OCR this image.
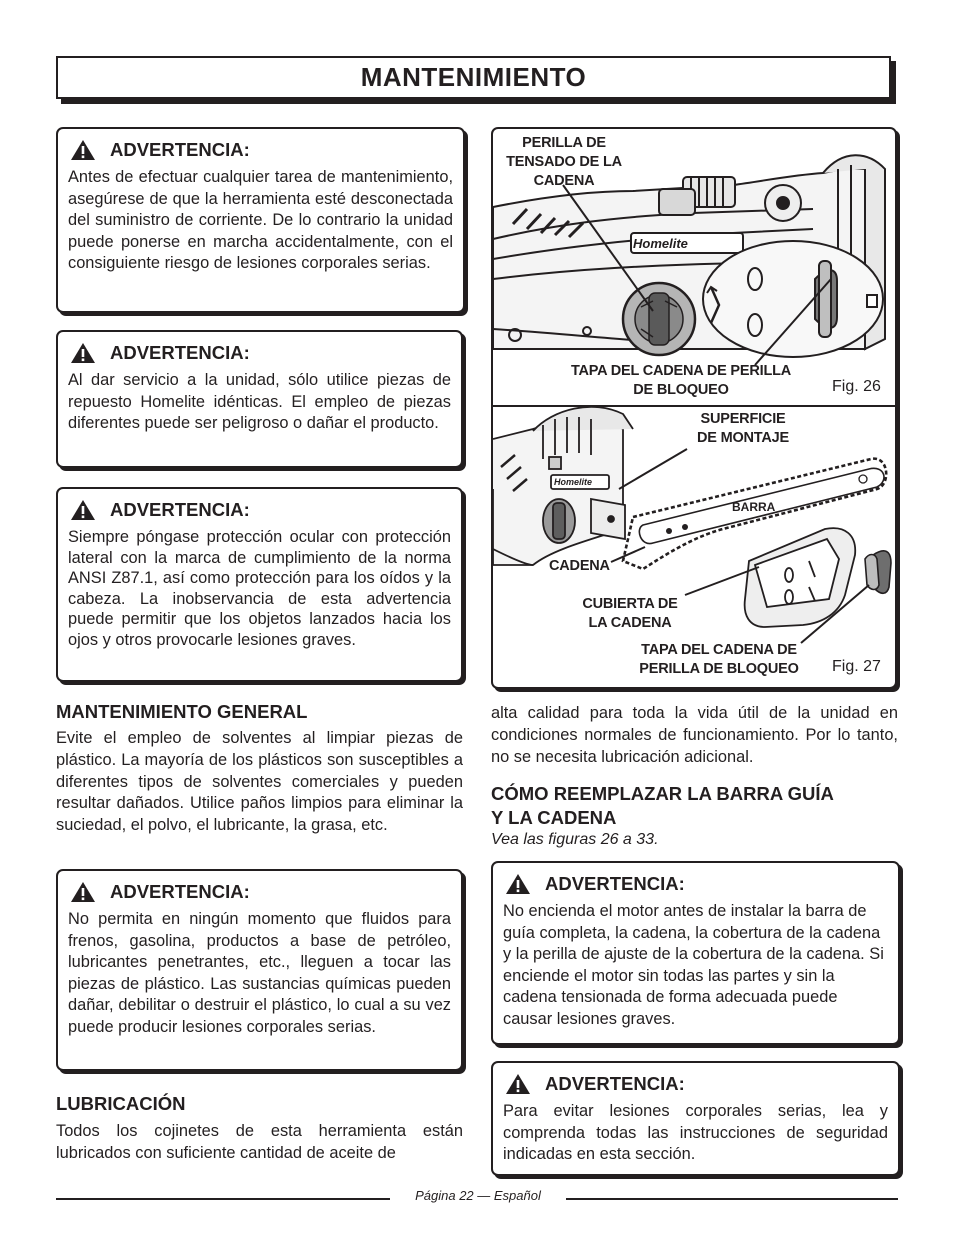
MANTENIMIENTO
ADVERTENCIA:
Antes de efectuar cualquier tarea de mantenimiento, asegúrese de que la herramienta esté desconectada del suministro de corriente. De lo contrario la unidad puede ponerse en marcha accidentalmente, con el consiguiente riesgo de lesiones corporales serias.
ADVERTENCIA:
Al dar servicio a la unidad, sólo utilice piezas de repuesto Homelite idénticas. El empleo de piezas diferentes puede ser peligroso o dañar el producto.
ADVERTENCIA:
Siempre póngase protección ocular con protección lateral con la marca de cumplimiento de la norma ANSI Z87.1, así como protección para los oídos y la cabeza. La inobservancia de esta advertencia puede permitir que los objetos lanzados hacia los ojos y otros provocarle lesiones graves.
MANTENIMIENTO GENERAL
Evite el empleo de solventes al limpiar piezas de plástico. La mayoría de los plásticos son susceptibles a diferentes tipos de solventes comerciales y pueden resultar dañados. Utilice paños limpios para eliminar la suciedad, el polvo, el lubricante, la grasa, etc.
ADVERTENCIA:
No permita en ningún momento que fluidos para frenos, gasolina, productos a base de petróleo, lubricantes penetrantes, etc., lleguen a tocar las piezas de plástico. Las sustancias químicas pueden dañar, debilitar o destruir el plástico, lo cual a su vez puede producir lesiones corporales serias.
LUBRICACIÓN
Todos los cojinetes de esta herramienta están lubricados con suficiente cantidad de aceite de
PERILLA DE
TENSADO DE LA
CADENA
Homelite
TAPA DEL CADENA DE PERILLA
DE BLOQUEO	Fig. 26
SUPERFICIE
DE MONTAJE
BARRA
Homelite
CADENA
CUBIERTA DE
LA CADENA
TAPA DEL CADENA DE
PERILLA DE BLOQUEO	Fig. 27
alta calidad para toda la vida útil de la unidad en condiciones normales de funcionamiento. Por lo tanto, no se necesita lubricación adicional.
CÓMO REEMPLAZAR LA BARRA GUÍA
Y LA CADENA
Vea las figuras 26 a 33.
ADVERTENCIA:
No encienda el motor antes de instalar la barra de guía completa, la cadena, la cobertura de la cadena y la perilla de ajuste de la cobertura de la cadena. Si enciende el motor sin todas las partes y sin la cadena tensionada de forma adecuada puede causar lesiones graves.
ADVERTENCIA:
Para evitar lesiones corporales serias, lea y comprenda todas las instrucciones de seguridad indicadas en esta sección.
Página 22 — Español
